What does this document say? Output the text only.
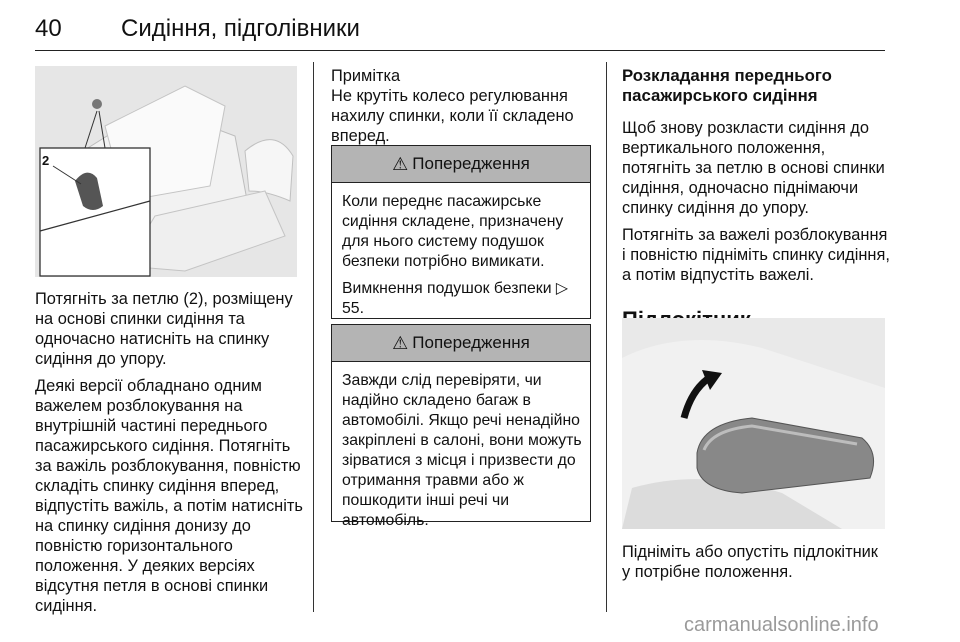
40 Сидіння, підголівники
2

Потягніть за петлю (2), розміщену на основі спинки сидіння та одночасно натисніть на спинку сидіння до упору.

Деякі версії обладнано одним важелем розблокування на внутрішній частині переднього пасажирського сидіння. Потягніть за важіль розблокування, повністю складіть спинку сидіння вперед, відпустіть важіль, а потім натисніть на спинку сидіння донизу до повністю горизонтального положення. У деяких версіях відсутня петля в основі спинки сидіння.

Примітка

Не крутіть колесо регулювання нахилу спинки, коли її складено вперед.

⚠ Попередження

Коли переднє пасажирське сидіння складене, призначену для нього систему подушок безпеки потрібно вимикати.

Вимкнення подушок безпеки ▷ 55.

⚠ Попередження

Завжди слід перевіряти, чи надійно складено багаж в автомобілі. Якщо речі ненадійно закріплені в салоні, вони можуть зірватися з місця і призвести до отримання травми або ж пошкодити інші речі чи автомобіль.

Розкладання переднього пасажирського сидіння

Щоб знову розкласти сидіння до вертикального положення, потягніть за петлю в основі спинки сидіння, одночасно піднімаючи спинку сидіння до упору.

Потягніть за важелі розблокування і повністю підніміть спинку сидіння, а потім відпустіть важелі.

Підніміть або опустіть підлокітник у потрібне положення.

carmanualsonline.info
